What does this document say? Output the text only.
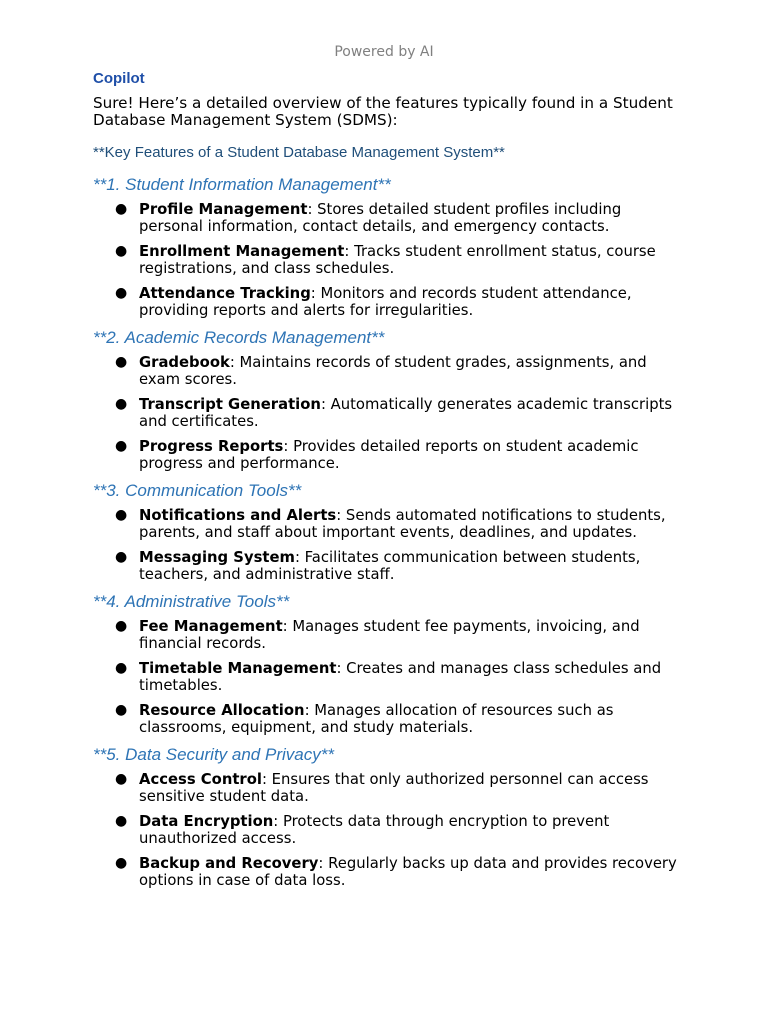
Powered by AI
Copilot
Sure! Here’s a detailed overview of the features typically found in a Student Database Management System (SDMS):
**Key Features of a Student Database Management System**
**1. Student Information Management**
● Profile Management: Stores detailed student profiles including personal information, contact details, and emergency contacts.
● Enrollment Management: Tracks student enrollment status, course registrations, and class schedules.
● Attendance Tracking: Monitors and records student attendance, providing reports and alerts for irregularities.
**2. Academic Records Management**
● Gradebook: Maintains records of student grades, assignments, and exam scores.
● Transcript Generation: Automatically generates academic transcripts and certificates.
● Progress Reports: Provides detailed reports on student academic progress and performance.
**3. Communication Tools**
● Notifications and Alerts: Sends automated notifications to students, parents, and staff about important events, deadlines, and updates.
● Messaging System: Facilitates communication between students, teachers, and administrative staff.
**4. Administrative Tools**
● Fee Management: Manages student fee payments, invoicing, and financial records.
● Timetable Management: Creates and manages class schedules and timetables.
● Resource Allocation: Manages allocation of resources such as classrooms, equipment, and study materials.
**5. Data Security and Privacy**
● Access Control: Ensures that only authorized personnel can access sensitive student data.
● Data Encryption: Protects data through encryption to prevent unauthorized access.
● Backup and Recovery: Regularly backs up data and provides recovery options in case of data loss.
